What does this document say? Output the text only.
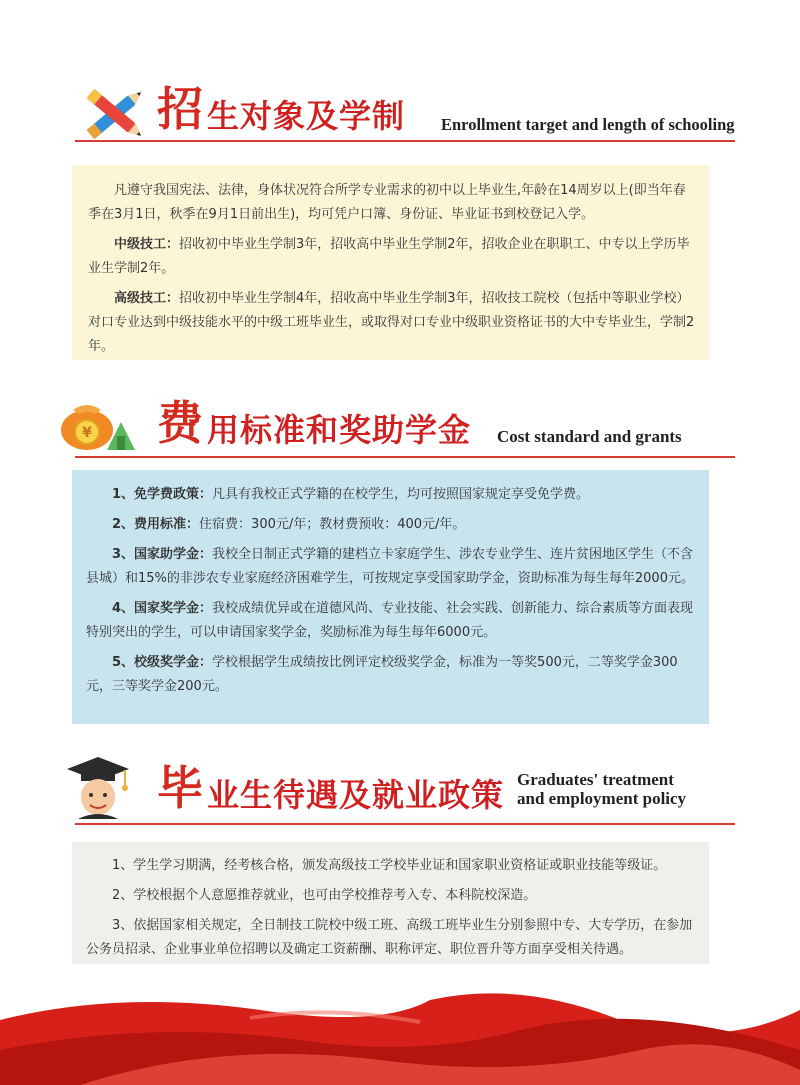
招 生对象及学制 Enrollment target and length of schooling

凡遵守我国宪法、法律，身体状况符合所学专业需求的初中以上毕业生,年龄在14周岁以上(即当年春季在3月1日，秋季在9月1日前出生)，均可凭户口簿、身份证、毕业证书到校登记入学。

中级技工：招收初中毕业生学制3年，招收高中毕业生学制2年，招收企业在职职工、中专以上学历毕业生学制2年。

高级技工：招收初中毕业生学制4年，招收高中毕业生学制3年，招收技工院校（包括中等职业学校）对口专业达到中级技能水平的中级工班毕业生，或取得对口专业中级职业资格证书的大中专毕业生，学制2年。

¥ 费 用标准和奖助学金 Cost standard and grants

1、免学费政策：凡具有我校正式学籍的在校学生，均可按照国家规定享受免学费。

2、费用标准：住宿费：300元/年；教材费预收：400元/年。

3、国家助学金：我校全日制正式学籍的建档立卡家庭学生、涉农专业学生、连片贫困地区学生（不含县城）和15%的非涉农专业家庭经济困难学生，可按规定享受国家助学金，资助标准为每生每年2000元。

4、国家奖学金：我校成绩优异或在道德风尚、专业技能、社会实践、创新能力、综合素质等方面表现特别突出的学生，可以申请国家奖学金，奖励标准为每生每年6000元。

5、校级奖学金：学校根据学生成绩按比例评定校级奖学金，标准为一等奖500元，二等奖学金300元，三等奖学金200元。

毕 业生待遇及就业政策 Graduates' treatment
and employment policy

1、学生学习期满，经考核合格，颁发高级技工学校毕业证和国家职业资格证或职业技能等级证。

2、学校根据个人意愿推荐就业，也可由学校推荐考入专、本科院校深造。

3、依据国家相关规定，全日制技工院校中级工班、高级工班毕业生分别参照中专、大专学历，在参加公务员招录、企业事业单位招聘以及确定工资薪酬、职称评定、职位晋升等方面享受相关待遇。
